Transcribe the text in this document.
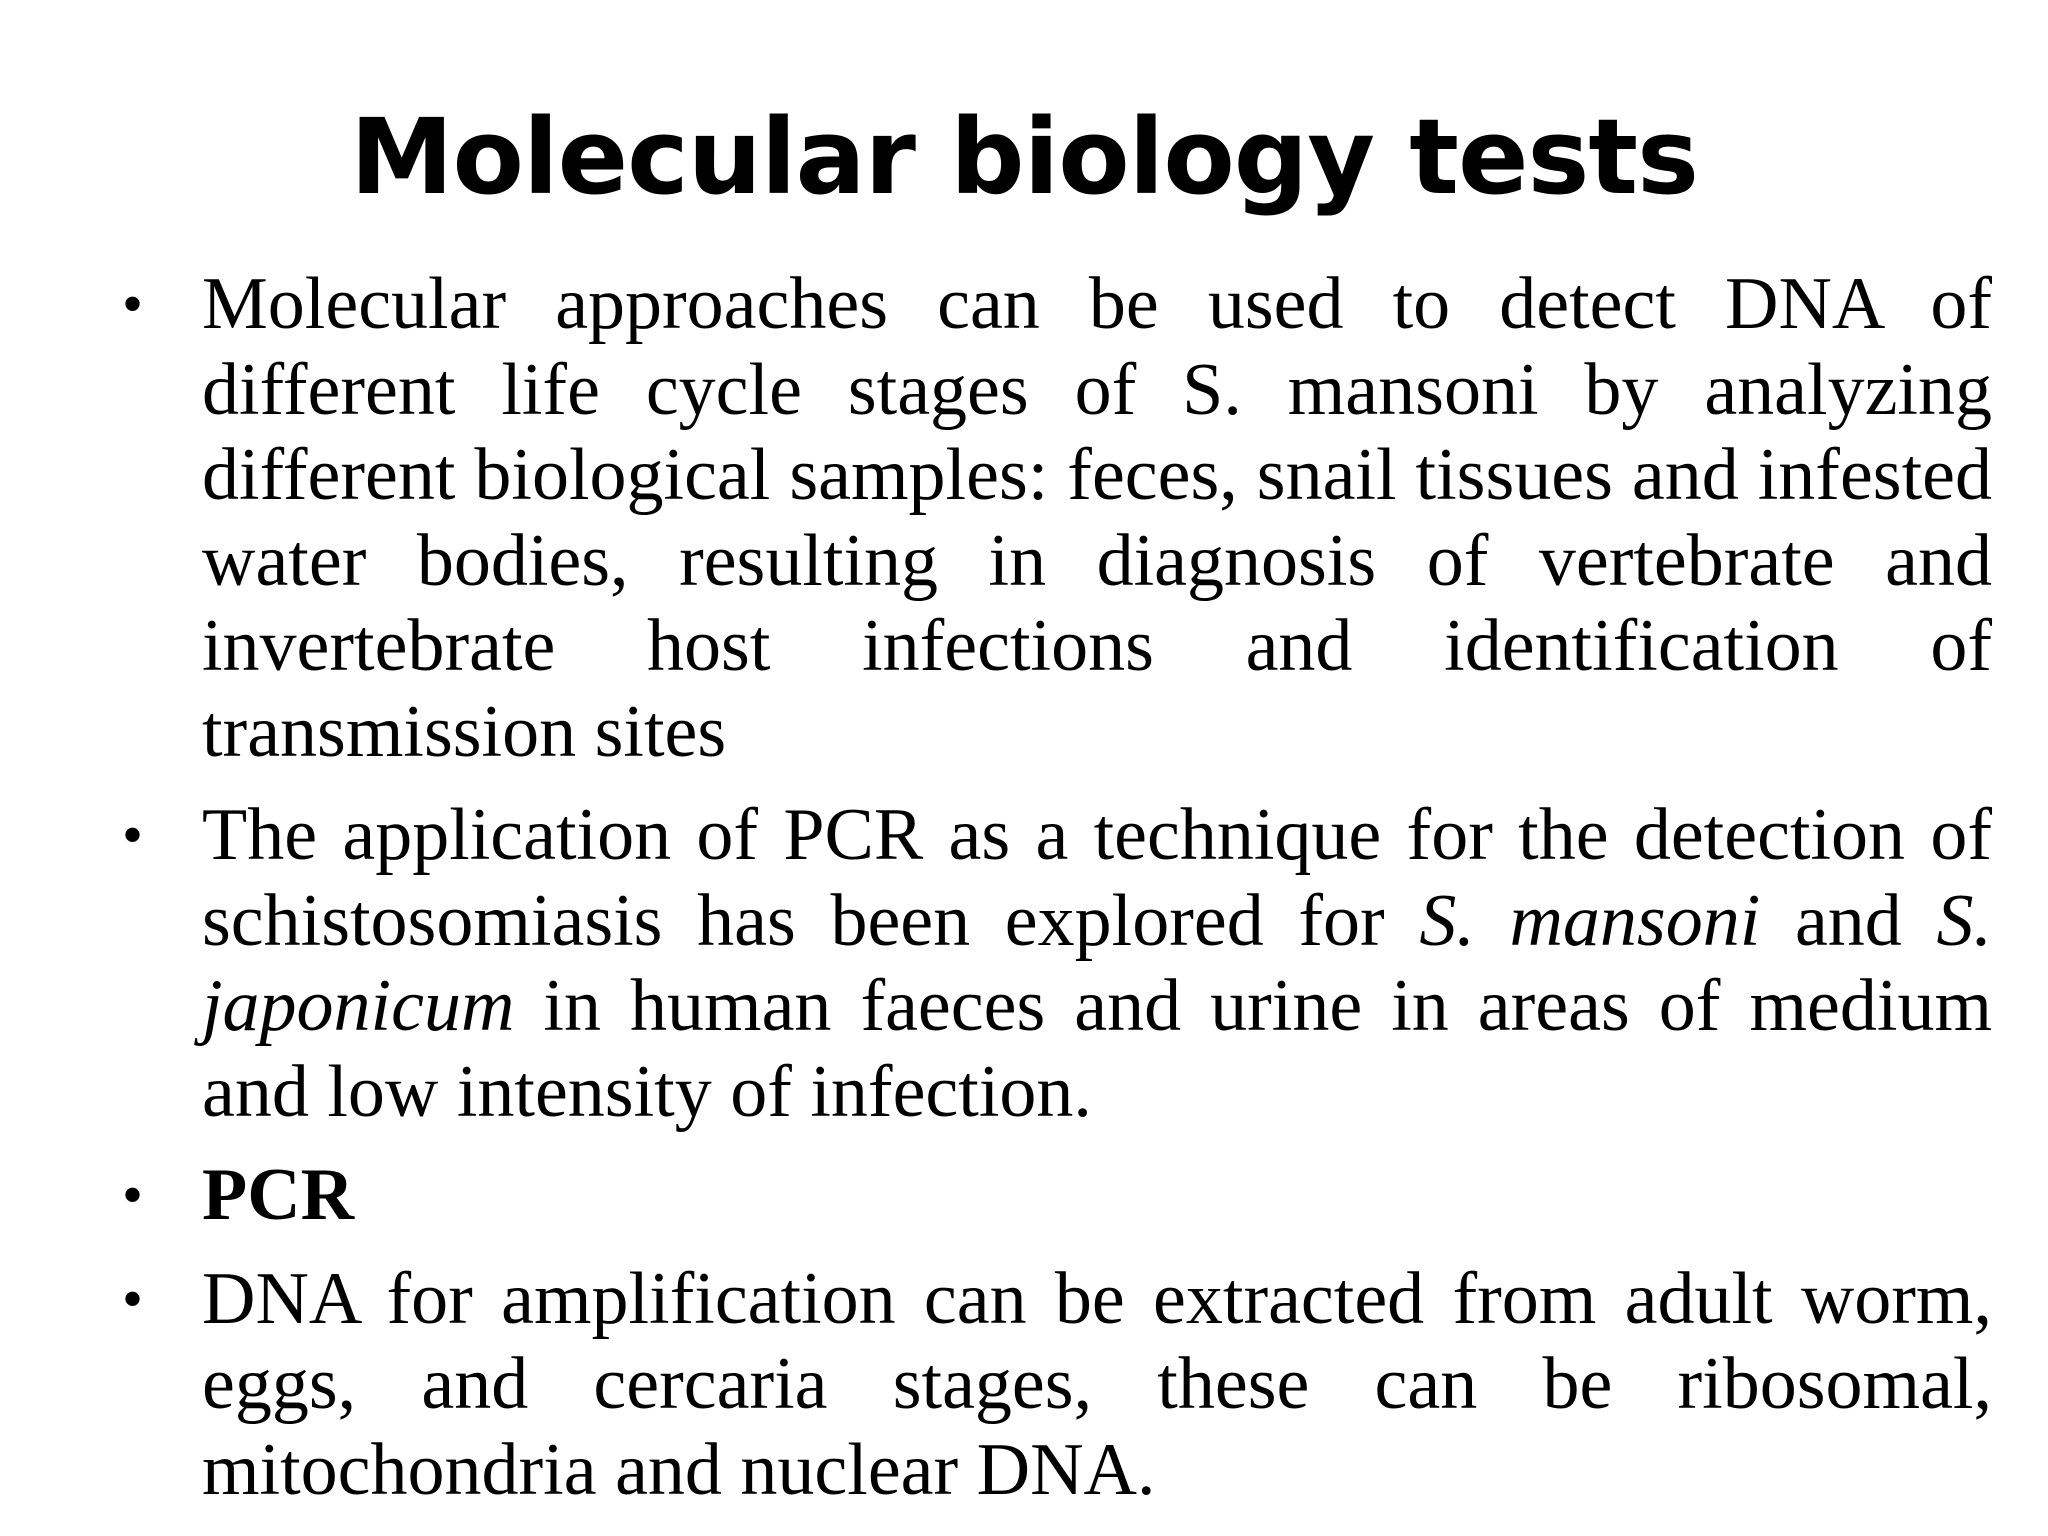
Molecular biology tests
• Molecular approaches can be used to detect DNA of different life cycle stages of S. mansoni by analyzing different biological samples: feces, snail tissues and infested water bodies, resulting in diagnosis of vertebrate and invertebrate host infections and identification of transmission sites
• The application of PCR as a technique for the detection of schistosomiasis has been explored for S. mansoni and S. japonicum in human faeces and urine in areas of medium and low intensity of infection.
• PCR
• DNA for amplification can be extracted from adult worm, eggs, and cercaria stages, these can be ribosomal, mitochondria and nuclear DNA.
